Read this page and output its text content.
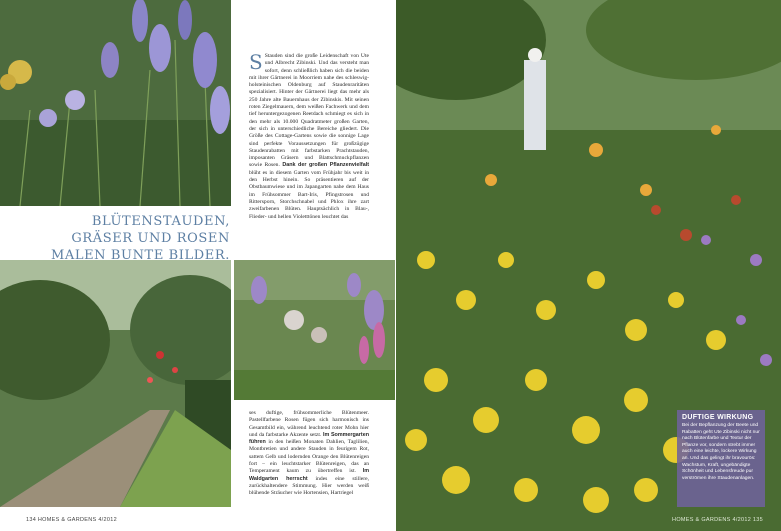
BLÜTENSTAUDEN, GRÄSER UND ROSEN MALEN BUNTE BILDER.

S Stauden sind die große Leidenschaft von Ute und Albrecht Zibinski. Und das versteht man sofort, denn schließlich haben sich die beiden mit ihrer Gärtnerei in Moorriem nahe des schleswig-holsteinischen Oldenburg auf Staudenraritäten spezialisiert. Hinter der Gärtnerei liegt das mehr als 250 Jahre alte Bauernhaus der Zibinskis. Mit seinen roten Ziegelmauern, dem weißen Fachwerk und dem tief heruntergezogenen Reetdach schmiegt es sich in den mehr als 10.000 Quadratmeter großen Garten, der sich in unterschiedliche Bereiche gliedert. Die Größe des Cottage-Gartens sowie die sonnige Lage sind perfekte Voraussetzungen für großzügige Staudenrabatten mit farbstarken Prachtstauden, imposanten Gräsern und Blattschmuckpflanzen sowie Rosen. Dank der großen Pflanzenvielfalt blüht es in diesem Garten vom Frühjahr bis weit in den Herbst hinein. So präsentieren auf der Obstbaumwiese und im Japangarten nahe dem Haus im Frühsommer Bart-Iris, Pfingstrosen und Rittersporn, Storchschnabel und Phlox ihre zart zweifarbenen Blüten. Hauptsächlich in Blau-, Flieder- und hellen Violetttönen leuchtet das

ses duftige, frühsommerliche Blütenmeer. Pastellfarbene Rosen fügen sich harmonisch ins Gesamtbild ein, während leuchtend roter Mohn hier und da farbstarke Akzente setzt. Im Sommergarten führen in den heißen Monaten Dahlien, Taglilien, Montbretien und andere Stauden in feurigem Rot, sattem Gelb und lodernden Orange den Blütenreigen fort – ein leuchtstarker Blütenreigen, das an Temperament kaum zu übertreffen ist. Im Waldgarten herrscht indes eine stillere, zurückhaltendere Stimmung. Hier werden weiß blühende Sträucher wie Hortensien, Hartriegel

DUFTIGE WIRKUNG
Bei der Bepflanzung der Beete und Rabatten geht Ute Zibinski nicht nur nach Blütenfarbe und Textur der Pflanze vor, sondern strebt immer auch eine leichte, lockere Wirkung an. Und das gelingt ihr bravourös: Wachstum, Kraft, ungebändigte Schönheit und Lebensfreude pur verströmen ihre Staudenanlagen.
134 HOMES & GARDENS 4/2012	HOMES & GARDENS 4/2012 135
